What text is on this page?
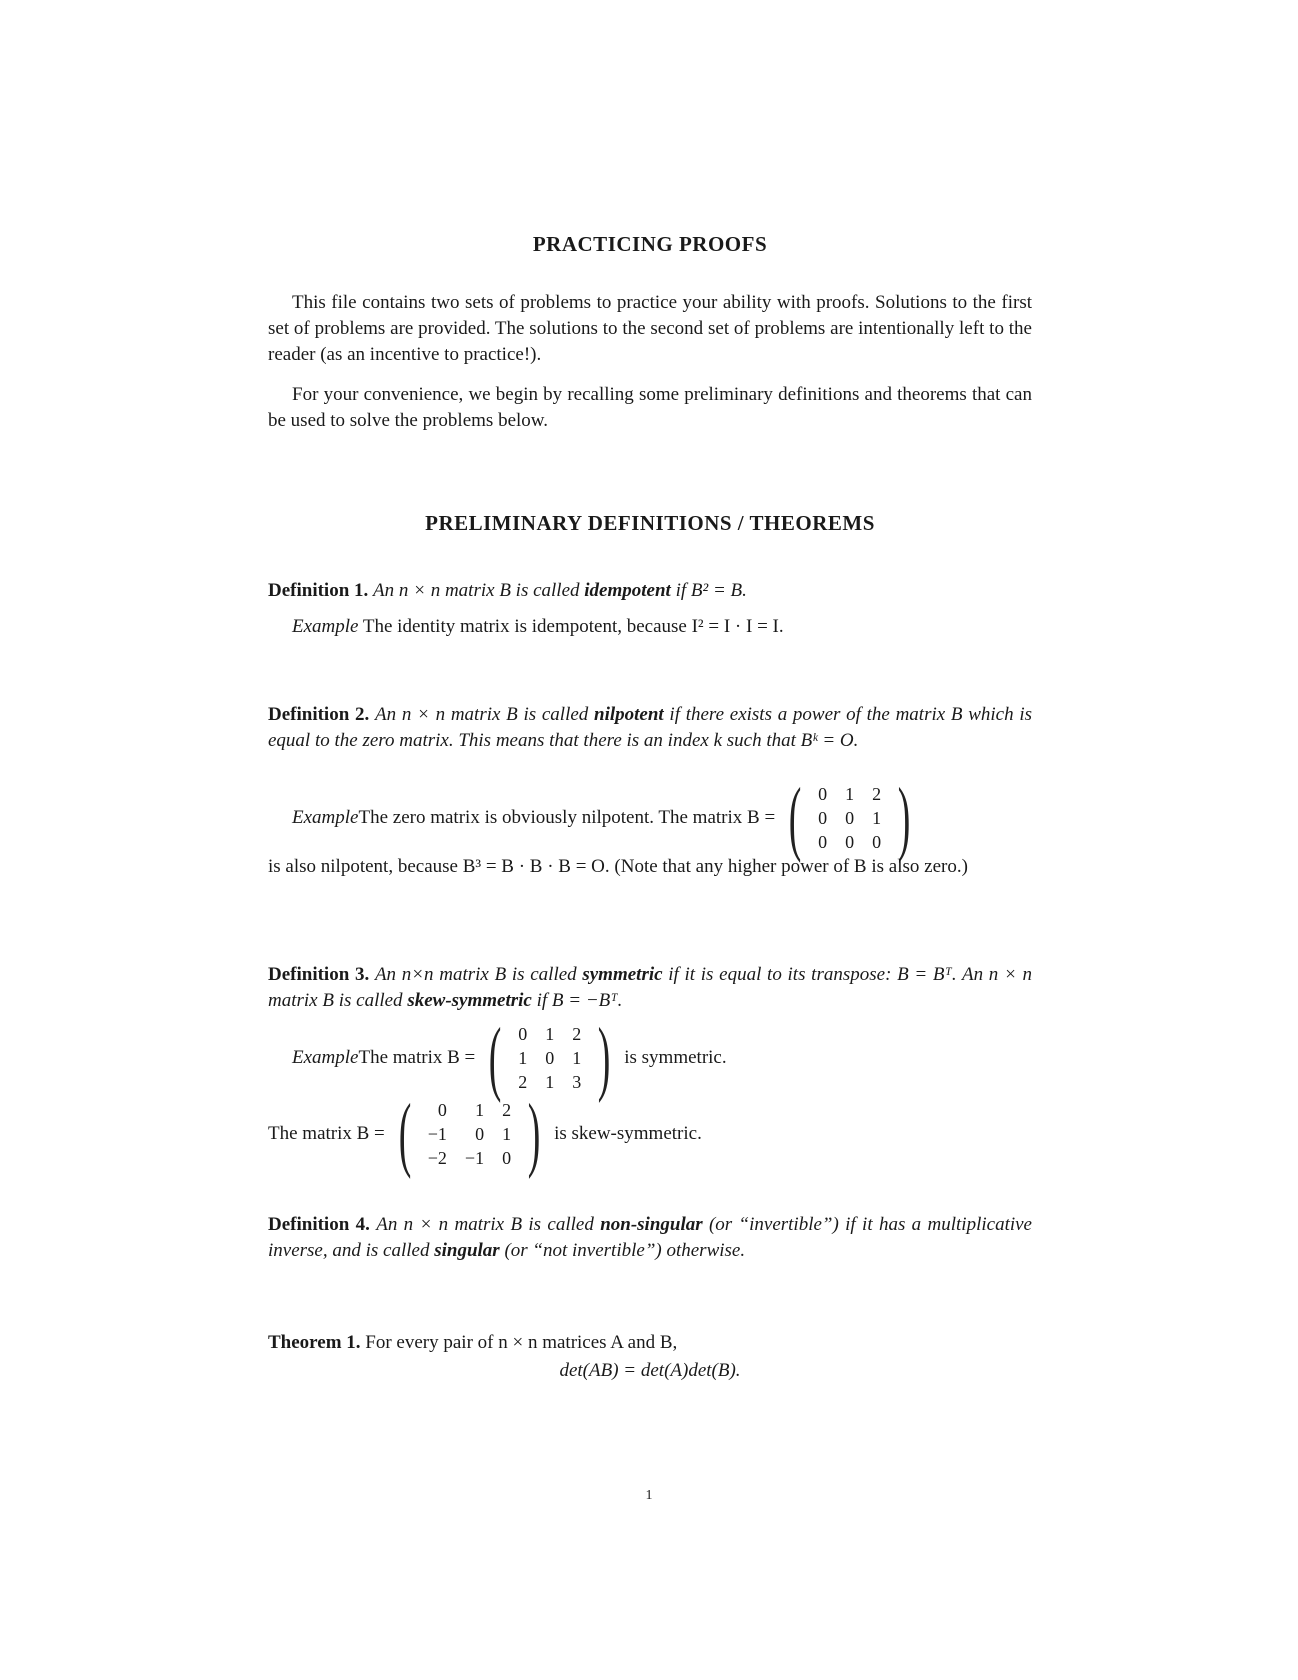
PRACTICING PROOFS

This file contains two sets of problems to practice your ability with proofs. Solutions to the first set of problems are provided. The solutions to the second set of problems are intentionally left to the reader (as an incentive to practice!).

For your convenience, we begin by recalling some preliminary definitions and theorems that can be used to solve the problems below.

PRELIMINARY DEFINITIONS / THEOREMS

Definition 1. An n × n matrix B is called idempotent if B² = B.

Example The identity matrix is idempotent, because I² = I · I = I.

Definition 2. An n × n matrix B is called nilpotent if there exists a power of the matrix B which is equal to the zero matrix. This means that there is an index k such that Bᵏ = O.

Example The zero matrix is obviously nilpotent. The matrix B = ( 0	1	2
0	0	1
0	0	0 )

is also nilpotent, because B³ = B · B · B = O. (Note that any higher power of B is also zero.)

Definition 3. An n×n matrix B is called symmetric if it is equal to its transpose: B = Bᵀ. An n × n matrix B is called skew-symmetric if B = −Bᵀ.

Example The matrix B = ( 0	1	2
1	0	1
2	1	3 ) is symmetric.
The matrix B = ( 0	1	2
−1	0	1
−2	−1	0 ) is skew-symmetric.

Definition 4. An n × n matrix B is called non-singular (or “invertible”) if it has a multiplicative inverse, and is called singular (or “not invertible”) otherwise.

Theorem 1. For every pair of n × n matrices A and B,

det(AB) = det(A)det(B).
1
